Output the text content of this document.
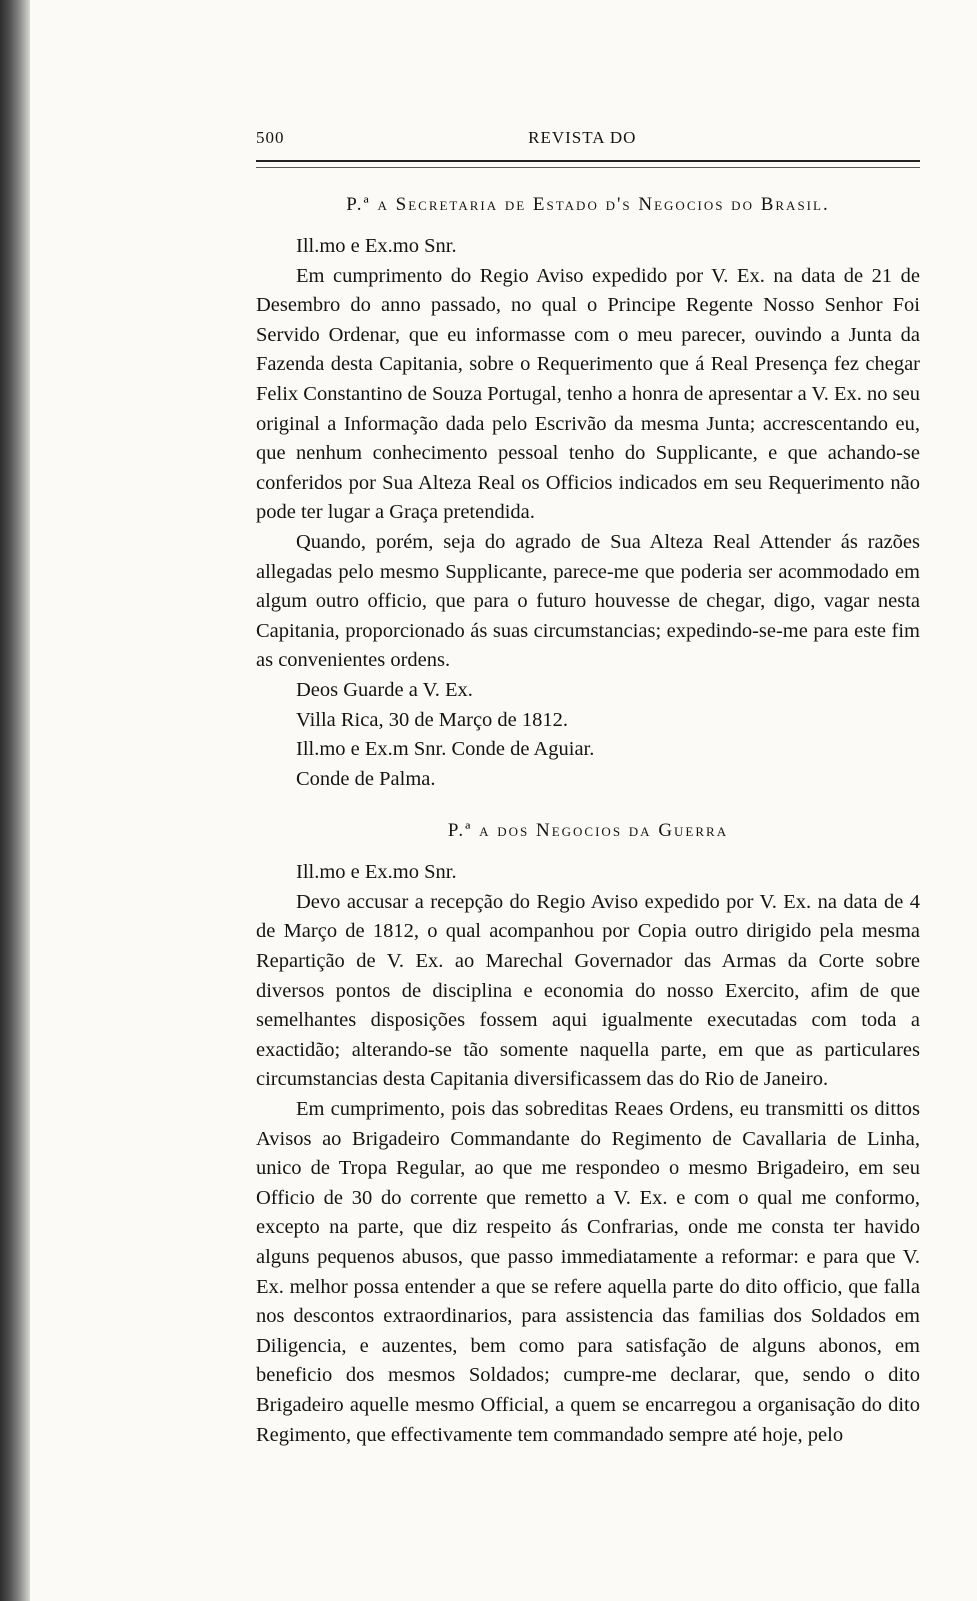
500	REVISTA DO
P.ª a Secretaria de Estado d's Negocios do Brasil.

Ill.mo e Ex.mo Snr.

Em cumprimento do Regio Aviso expedido por V. Ex. na data de 21 de Desembro do anno passado, no qual o Principe Regente Nosso Senhor Foi Servido Ordenar, que eu informasse com o meu parecer, ouvindo a Junta da Fazenda desta Capitania, sobre o Requerimento que á Real Presença fez chegar Felix Constantino de Souza Portugal, tenho a honra de apresentar a V. Ex. no seu original a Informação dada pelo Escrivão da mesma Junta; accrescentando eu, que nenhum conhecimento pessoal tenho do Supplicante, e que achando-se conferidos por Sua Alteza Real os Officios indicados em seu Requerimento não pode ter lugar a Graça pretendida.

Quando, porém, seja do agrado de Sua Alteza Real Attender ás razões allegadas pelo mesmo Supplicante, parece-me que poderia ser acommodado em algum outro officio, que para o futuro houvesse de chegar, digo, vagar nesta Capitania, proporcionado ás suas circumstancias; expedindo-se-me para este fim as convenientes ordens.

Deos Guarde a V. Ex.

Villa Rica, 30 de Março de 1812.

Ill.mo e Ex.m Snr. Conde de Aguiar.

Conde de Palma.

P.ª a dos Negocios da Guerra

Ill.mo e Ex.mo Snr.

Devo accusar a recepção do Regio Aviso expedido por V. Ex. na data de 4 de Março de 1812, o qual acompanhou por Copia outro dirigido pela mesma Repartição de V. Ex. ao Marechal Governador das Armas da Corte sobre diversos pontos de disciplina e economia do nosso Exercito, afim de que semelhantes disposições fossem aqui igualmente executadas com toda a exactidão; alterando-se tão somente naquella parte, em que as particulares circumstancias desta Capitania diversificassem das do Rio de Janeiro.

Em cumprimento, pois das sobreditas Reaes Ordens, eu transmitti os dittos Avisos ao Brigadeiro Commandante do Regimento de Cavallaria de Linha, unico de Tropa Regular, ao que me respondeo o mesmo Brigadeiro, em seu Officio de 30 do corrente que remetto a V. Ex. e com o qual me conformo, excepto na parte, que diz respeito ás Confrarias, onde me consta ter havido alguns pequenos abusos, que passo immediatamente a reformar: e para que V. Ex. melhor possa entender a que se refere aquella parte do dito officio, que falla nos descontos extraordinarios, para assistencia das familias dos Soldados em Diligencia, e auzentes, bem como para satisfação de alguns abonos, em beneficio dos mesmos Soldados; cumpre-me declarar, que, sendo o dito Brigadeiro aquelle mesmo Official, a quem se encarregou a organisação do dito Regimento, que effectivamente tem commandado sempre até hoje, pelo
